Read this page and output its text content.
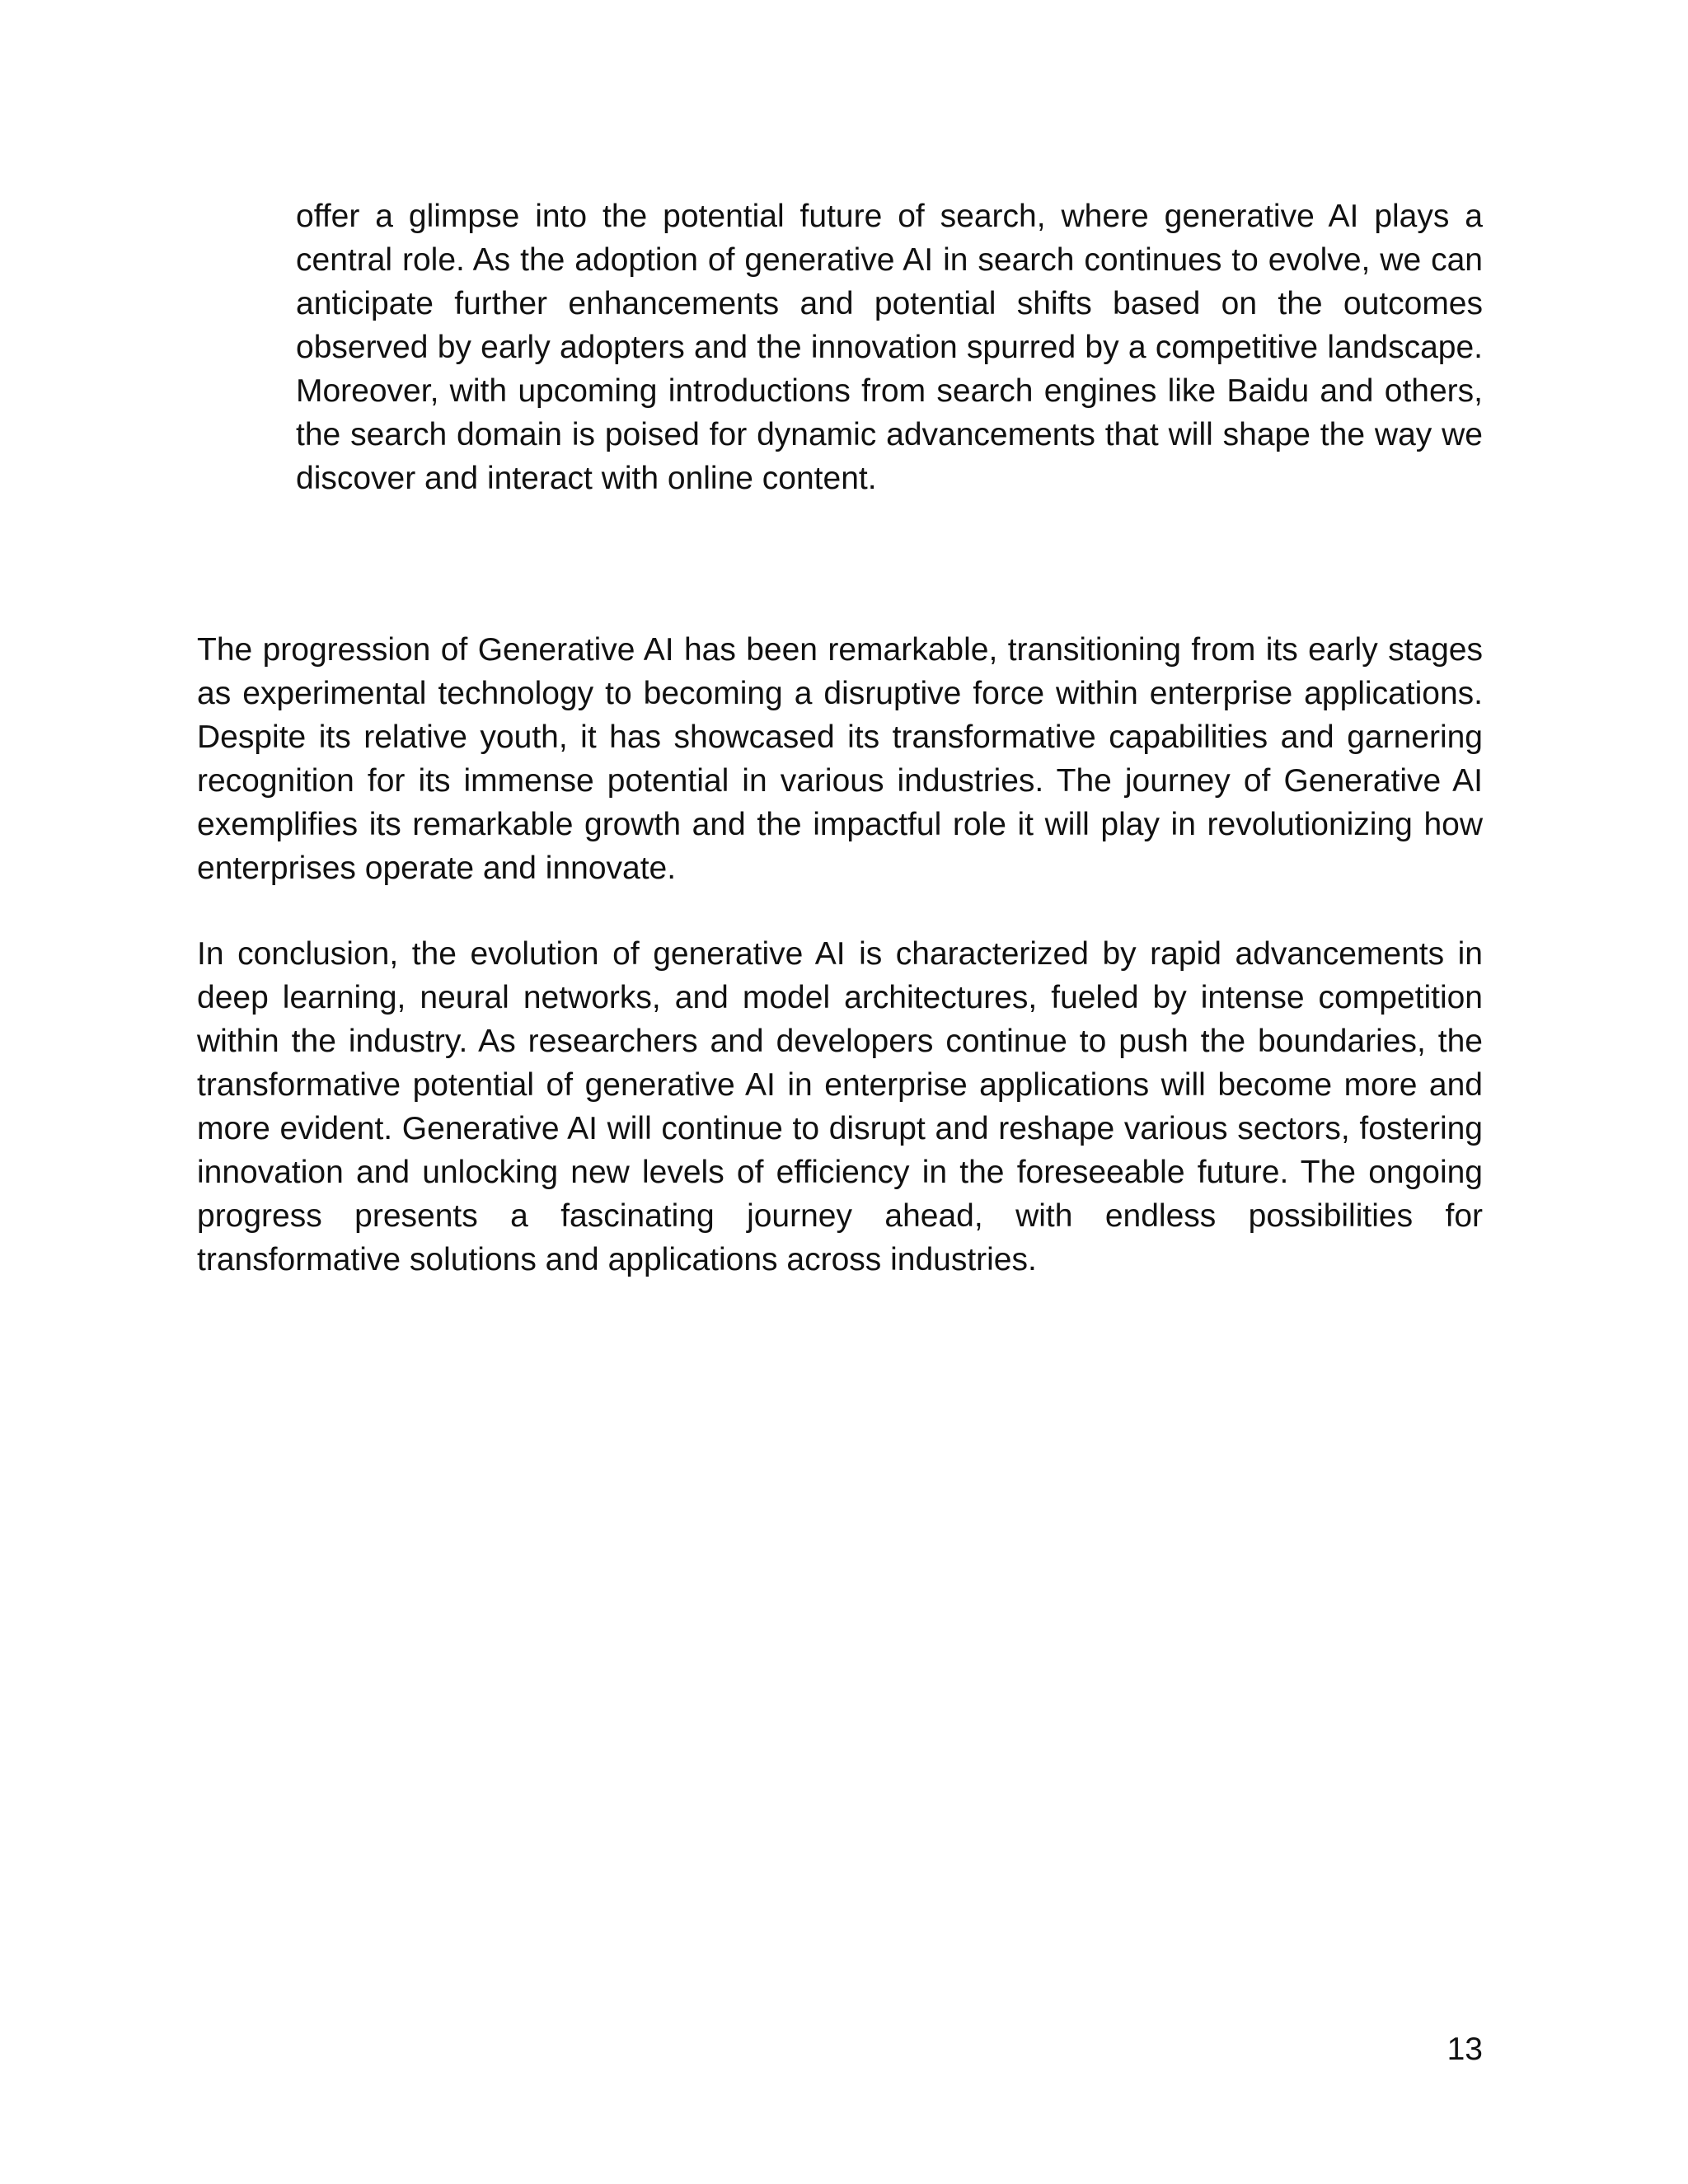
offer a glimpse into the potential future of search, where generative AI plays a central role. As the adoption of generative AI in search continues to evolve, we can anticipate further enhancements and potential shifts based on the outcomes observed by early adopters and the innovation spurred by a competitive landscape. Moreover, with upcoming introductions from search engines like Baidu and others, the search domain is poised for dynamic advancements that will shape the way we discover and interact with online content.

The progression of Generative AI has been remarkable, transitioning from its early stages as experimental technology to becoming a disruptive force within enterprise applications. Despite its relative youth, it has showcased its transformative capabilities and garnering recognition for its immense potential in various industries. The journey of Generative AI exemplifies its remarkable growth and the impactful role it will play in revolutionizing how enterprises operate and innovate.

In conclusion, the evolution of generative AI is characterized by rapid advancements in deep learning, neural networks, and model architectures, fueled by intense competition within the industry. As researchers and developers continue to push the boundaries, the transformative potential of generative AI in enterprise applications will become more and more evident. Generative AI will continue to disrupt and reshape various sectors, fostering innovation and unlocking new levels of efficiency in the foreseeable future. The ongoing progress presents a fascinating journey ahead, with endless possibilities for transformative solutions and applications across industries.

13
